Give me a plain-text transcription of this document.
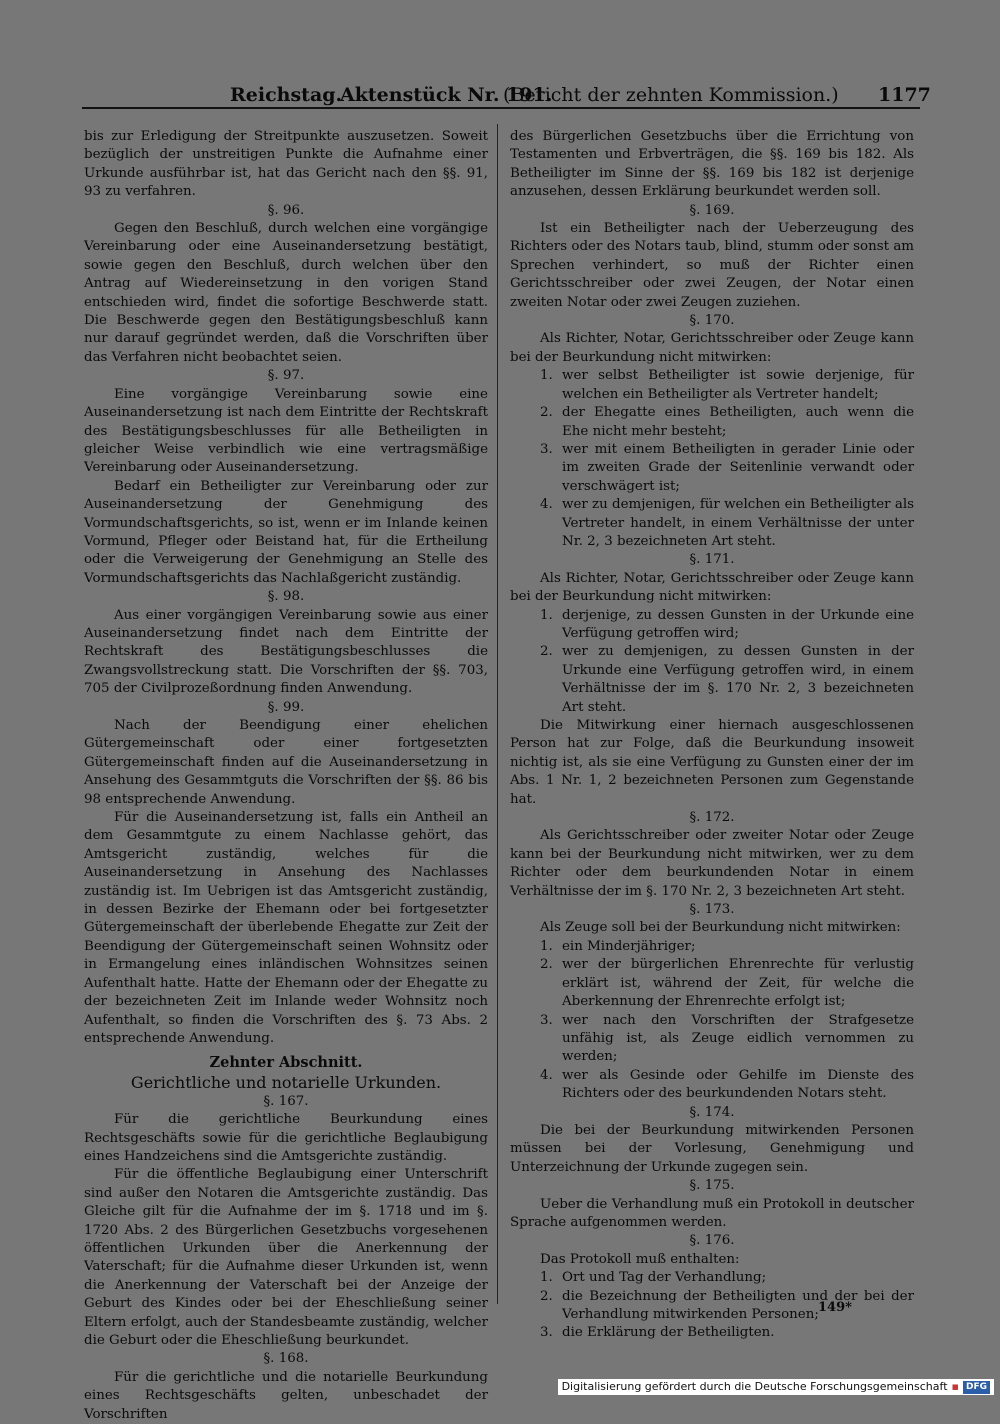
Reichstag.
Aktenstück Nr. 191.
(Bericht der zehnten Kommission.) 1177

bis zur Erledigung der Streitpunkte auszusetzen. Soweit bezüglich der unstreitigen Punkte die Aufnahme einer Urkunde ausführbar ist, hat das Gericht nach den §§. 91, 93 zu verfahren.

§. 96.

Gegen den Beschluß, durch welchen eine vorgängige Vereinbarung oder eine Auseinandersetzung bestätigt, sowie gegen den Beschluß, durch welchen über den Antrag auf Wiedereinsetzung in den vorigen Stand entschieden wird, findet die sofortige Beschwerde statt. Die Beschwerde gegen den Bestätigungsbeschluß kann nur darauf gegründet werden, daß die Vorschriften über das Verfahren nicht beobachtet seien.

§. 97.

Eine vorgängige Vereinbarung sowie eine Auseinandersetzung ist nach dem Eintritte der Rechtskraft des Bestätigungsbeschlusses für alle Betheiligten in gleicher Weise verbindlich wie eine vertragsmäßige Vereinbarung oder Auseinandersetzung.

Bedarf ein Betheiligter zur Vereinbarung oder zur Auseinandersetzung der Genehmigung des Vormundschaftsgerichts, so ist, wenn er im Inlande keinen Vormund, Pfleger oder Beistand hat, für die Ertheilung oder die Verweigerung der Genehmigung an Stelle des Vormundschaftsgerichts das Nachlaßgericht zuständig.

§. 98.

Aus einer vorgängigen Vereinbarung sowie aus einer Auseinandersetzung findet nach dem Eintritte der Rechtskraft des Bestätigungsbeschlusses die Zwangsvollstreckung statt. Die Vorschriften der §§. 703, 705 der Civilprozeßordnung finden Anwendung.

§. 99.

Nach der Beendigung einer ehelichen Gütergemeinschaft oder einer fortgesetzten Gütergemeinschaft finden auf die Auseinandersetzung in Ansehung des Gesammtguts die Vorschriften der §§. 86 bis 98 entsprechende Anwendung.

Für die Auseinandersetzung ist, falls ein Antheil an dem Gesammtgute zu einem Nachlasse gehört, das Amtsgericht zuständig, welches für die Auseinandersetzung in Ansehung des Nachlasses zuständig ist. Im Uebrigen ist das Amtsgericht zuständig, in dessen Bezirke der Ehemann oder bei fortgesetzter Gütergemeinschaft der überlebende Ehegatte zur Zeit der Beendigung der Gütergemeinschaft seinen Wohnsitz oder in Ermangelung eines inländischen Wohnsitzes seinen Aufenthalt hatte. Hatte der Ehemann oder der Ehegatte zu der bezeichneten Zeit im Inlande weder Wohnsitz noch Aufenthalt, so finden die Vorschriften des §. 73 Abs. 2 entsprechende Anwendung.

Zehnter Abschnitt.

Gerichtliche und notarielle Urkunden.

§. 167.

Für die gerichtliche Beurkundung eines Rechtsgeschäfts sowie für die gerichtliche Beglaubigung eines Handzeichens sind die Amtsgerichte zuständig.

Für die öffentliche Beglaubigung einer Unterschrift sind außer den Notaren die Amtsgerichte zuständig. Das Gleiche gilt für die Aufnahme der im §. 1718 und im §. 1720 Abs. 2 des Bürgerlichen Gesetzbuchs vorgesehenen öffentlichen Urkunden über die Anerkennung der Vaterschaft; für die Aufnahme dieser Urkunden ist, wenn die Anerkennung der Vaterschaft bei der Anzeige der Geburt des Kindes oder bei der Eheschließung seiner Eltern erfolgt, auch der Standesbeamte zuständig, welcher die Geburt oder die Eheschließung beurkundet.

§. 168.

Für die gerichtliche und die notarielle Beurkundung eines Rechtsgeschäfts gelten, unbeschadet der Vorschriften

des Bürgerlichen Gesetzbuchs über die Errichtung von Testamenten und Erbverträgen, die §§. 169 bis 182. Als Betheiligter im Sinne der §§. 169 bis 182 ist derjenige anzusehen, dessen Erklärung beurkundet werden soll.

§. 169.

Ist ein Betheiligter nach der Ueberzeugung des Richters oder des Notars taub, blind, stumm oder sonst am Sprechen verhindert, so muß der Richter einen Gerichtsschreiber oder zwei Zeugen, der Notar einen zweiten Notar oder zwei Zeugen zuziehen.

§. 170.

Als Richter, Notar, Gerichtsschreiber oder Zeuge kann bei der Beurkundung nicht mitwirken:

1. wer selbst Betheiligter ist sowie derjenige, für welchen ein Betheiligter als Vertreter handelt;

2. der Ehegatte eines Betheiligten, auch wenn die Ehe nicht mehr besteht;

3. wer mit einem Betheiligten in gerader Linie oder im zweiten Grade der Seitenlinie verwandt oder verschwägert ist;

4. wer zu demjenigen, für welchen ein Betheiligter als Vertreter handelt, in einem Verhältnisse der unter Nr. 2, 3 bezeichneten Art steht.

§. 171.

Als Richter, Notar, Gerichtsschreiber oder Zeuge kann bei der Beurkundung nicht mitwirken:

1. derjenige, zu dessen Gunsten in der Urkunde eine Verfügung getroffen wird;

2. wer zu demjenigen, zu dessen Gunsten in der Urkunde eine Verfügung getroffen wird, in einem Verhältnisse der im §. 170 Nr. 2, 3 bezeichneten Art steht.

Die Mitwirkung einer hiernach ausgeschlossenen Person hat zur Folge, daß die Beurkundung insoweit nichtig ist, als sie eine Verfügung zu Gunsten einer der im Abs. 1 Nr. 1, 2 bezeichneten Personen zum Gegenstande hat.

§. 172.

Als Gerichtsschreiber oder zweiter Notar oder Zeuge kann bei der Beurkundung nicht mitwirken, wer zu dem Richter oder dem beurkundenden Notar in einem Verhältnisse der im §. 170 Nr. 2, 3 bezeichneten Art steht.

§. 173.

Als Zeuge soll bei der Beurkundung nicht mitwirken:

1. ein Minderjähriger;

2. wer der bürgerlichen Ehrenrechte für verlustig erklärt ist, während der Zeit, für welche die Aberkennung der Ehrenrechte erfolgt ist;

3. wer nach den Vorschriften der Strafgesetze unfähig ist, als Zeuge eidlich vernommen zu werden;

4. wer als Gesinde oder Gehilfe im Dienste des Richters oder des beurkundenden Notars steht.

§. 174.

Die bei der Beurkundung mitwirkenden Personen müssen bei der Vorlesung, Genehmigung und Unterzeichnung der Urkunde zugegen sein.

§. 175.

Ueber die Verhandlung muß ein Protokoll in deutscher Sprache aufgenommen werden.

§. 176.

Das Protokoll muß enthalten:

1. Ort und Tag der Verhandlung;

2. die Bezeichnung der Betheiligten und der bei der Verhandlung mitwirkenden Personen;

3. die Erklärung der Betheiligten.

149*
Digitalisierung gefördert durch die Deutsche Forschungsgemeinschaft ▪ DFG
